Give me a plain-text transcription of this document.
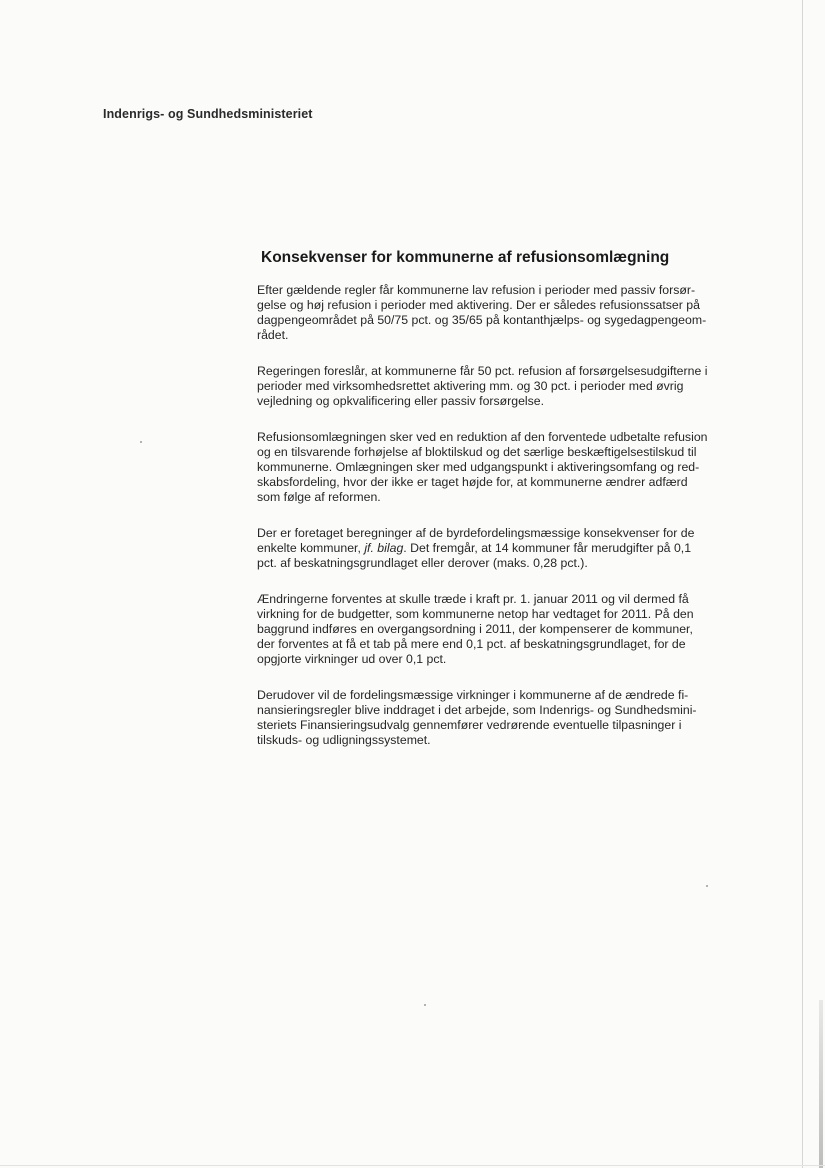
Indenrigs- og Sundhedsministeriet
Konsekvenser for kommunerne af refusionsomlægning

Efter gældende regler får kommunerne lav refusion i perioder med passiv forsør-
gelse og høj refusion i perioder med aktivering. Der er således refusionssatser på
dagpengeområdet på 50/75 pct. og 35/65 på kontanthjælps- og sygedagpengeom-
rådet.

Regeringen foreslår, at kommunerne får 50 pct. refusion af forsørgelsesudgifterne i
perioder med virksomhedsrettet aktivering mm. og 30 pct. i perioder med øvrig
vejledning og opkvalificering eller passiv forsørgelse.

Refusionsomlægningen sker ved en reduktion af den forventede udbetalte refusion
og en tilsvarende forhøjelse af bloktilskud og det særlige beskæftigelsestilskud til
kommunerne. Omlægningen sker med udgangspunkt i aktiveringsomfang og red-
skabsfordeling, hvor der ikke er taget højde for, at kommunerne ændrer adfærd
som følge af reformen.

Der er foretaget beregninger af de byrdefordelingsmæssige konsekvenser for de
enkelte kommuner, jf. bilag. Det fremgår, at 14 kommuner får merudgifter på 0,1
pct. af beskatningsgrundlaget eller derover (maks. 0,28 pct.).

Ændringerne forventes at skulle træde i kraft pr. 1. januar 2011 og vil dermed få
virkning for de budgetter, som kommunerne netop har vedtaget for 2011. På den
baggrund indføres en overgangsordning i 2011, der kompenserer de kommuner,
der forventes at få et tab på mere end 0,1 pct. af beskatningsgrundlaget, for de
opgjorte virkninger ud over 0,1 pct.

Derudover vil de fordelingsmæssige virkninger i kommunerne af de ændrede fi-
nansieringsregler blive inddraget i det arbejde, som Indenrigs- og Sundhedsmini-
steriets Finansieringsudvalg gennemfører vedrørende eventuelle tilpasninger i
tilskuds- og udligningssystemet.
